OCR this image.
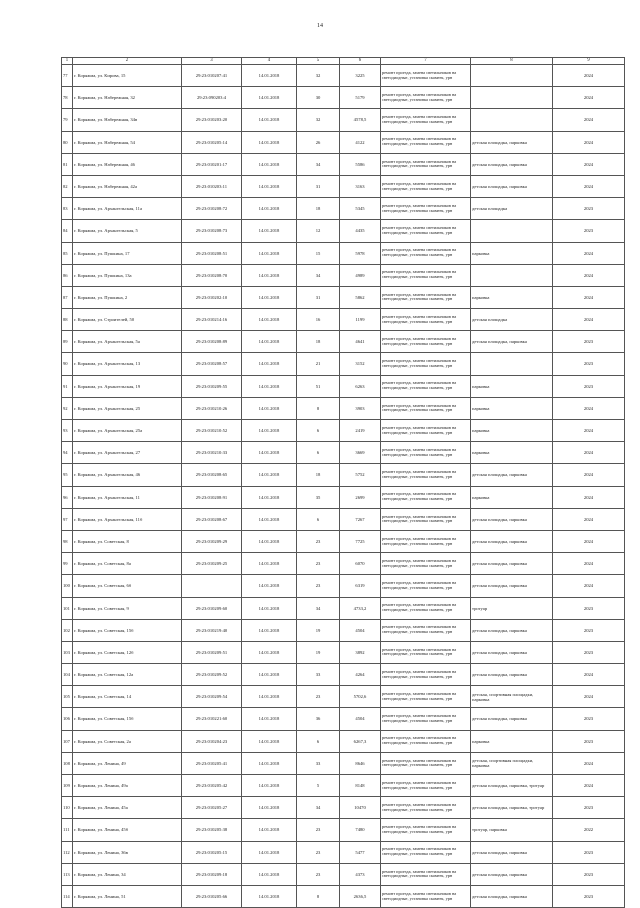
14
1	2	3	4	5	6	7	8	9
77	г. Коряжма, ул. Кирова, 15	29:23:010207:41	14.01.2018	32	3225	ремонт проезда, замена светильников на светодиодные, установка скамеек, урн		2024
78	г. Коряжма, ул. Набережная, 32	29:23:090203:4	14.01.2018	30	5179	ремонт проезда, замена светильников на светодиодные, установка скамеек, урн		2024
79	г. Коряжма, ул. Набережная, 34в	29:23:010203:20	14.01.2018	32	4578,5	ремонт проезда, замена светильников на светодиодные, установка скамеек, урн		2024
80	г. Коряжма, ул. Набережная, 54	29:23:010205:14	14.01.2018	26	4122	ремонт проезда, замена светильников на светодиодные, установка скамеек, урн	детская площадка, парковка	2024
81	г. Коряжма, ул. Набережная, 46	29:23:010201:17	14.01.2018	34	5586	ремонт проезда, замена светильников на светодиодные, установка скамеек, урн	детская площадка, парковка	2024
82	г. Коряжма, ул. Набережная, 42а	29:23:010203:11	14.01.2018	31	3163	ремонт проезда, замена светильников на светодиодные, установка скамеек, урн	детская площадка, парковка	2024
83	г. Коряжма, ул. Архангельская, 11а	29:23:010208:72	14.01.2018	18	5345	ремонт проезда, замена светильников на светодиодные, установка скамеек, урн	детская площадка	2023
84	г. Коряжма, ул. Архангельская, 5	29:23:010208:73	14.01.2018	12	4435	ремонт проезда, замена светильников на светодиодные, установка скамеек, урн		2023
85	г. Коряжма, ул. Пушкина, 17	29:23:010208:51	14.01.2018	15	5978	ремонт проезда, замена светильников на светодиодные, установка скамеек, урн	парковка	2024
86	г. Коряжма, ул. Пушкина, 13а	29:23:010208:70	14.01.2018	34	4989	ремонт проезда, замена светильников на светодиодные, установка скамеек, урн		2024
87	г. Коряжма, ул. Пушкина, 2	29:23:010202:10	14.01.2018	31	5862	ремонт проезда, замена светильников на светодиодные, установка скамеек, урн	парковка	2024
88	г. Коряжма, ул. Строителей, 50	29:23:010214:16	14.01.2018	16	1199	ремонт проезда, замена светильников на светодиодные, установка скамеек, урн	детская площадка	2024
89	г. Коряжма, ул. Архангельская, 5а	29:23:010208:89	14.01.2018	18	4641	ремонт проезда, замена светильников на светодиодные, установка скамеек, урн	детская площадка, парковка	2023
90	г. Коряжма, ул. Архангельская, 13	29:23:010208:57	14.01.2018	21	3152	ремонт проезда, замена светильников на светодиодные, установка скамеек, урн		2023
91	г. Коряжма, ул. Архангельская, 19	29:23:010209:55	14.01.2018	51	6263	ремонт проезда, замена светильников на светодиодные, установка скамеек, урн	парковка	2023
92	г. Коряжма, ул. Архангельская, 25	29:23:010210:26	14.01.2018	8	3903	ремонт проезда, замена светильников на светодиодные, установка скамеек, урн	парковка	2024
93	г. Коряжма, ул. Архангельская, 25а	29:23:010210:52	14.01.2018	6	2419	ремонт проезда, замена светильников на светодиодные, установка скамеек, урн	парковка	2024
94	г. Коряжма, ул. Архангельская, 27	29:23:010210:33	14.01.2018	6	3669	ремонт проезда, замена светильников на светодиодные, установка скамеек, урн	парковка	2024
95	г. Коряжма, ул. Архангельская, 46	29:23:010208:65	14.01.2018	18	5752	ремонт проезда, замена светильников на светодиодные, установка скамеек, урн	детская площадка, парковка	2024
96	г. Коряжма, ул. Архангельская, 11	29:23:010208:91	14.01.2018	35	2699	ремонт проезда, замена светильников на светодиодные, установка скамеек, урн	парковка	2024
97	г. Коряжма, ул. Архангельская, 11б	29:23:010208:67	14.01.2018	6	7267	ремонт проезда, замена светильников на светодиодные, установка скамеек, урн	детская площадка, парковка	2024
98	г. Коряжма, ул. Советская, 8	29:23:010209:29	14.01.2018	23	7725	ремонт проезда, замена светильников на светодиодные, установка скамеек, урн	детская площадка, парковка	2024
99	г. Коряжма, ул. Советская, 8а	29:23:010209:25	14.01.2018	23	6070	ремонт проезда, замена светильников на светодиодные, установка скамеек, урн	детская площадка, парковка	2024
100	г. Коряжма, ул. Советская, 6б		14.01.2018	23	6319	ремонт проезда, замена светильников на светодиодные, установка скамеек, урн	детская площадка, парковка	2024
101	г. Коряжма, ул. Советская, 9	29:23:010209:60	14.01.2018	34	4733,2	ремонт проезда, замена светильников на светодиодные, установка скамеек, урн	тротуар	2023
102	г. Коряжма, ул. Советская, 15б	29:23:010219:40	14.01.2018	19	4504	ремонт проезда, замена светильников на светодиодные, установка скамеек, урн	детская площадка, парковка	2023
103	г. Коряжма, ул. Советская, 12б	29:23:010209:51	14.01.2018	19	3892	ремонт проезда, замена светильников на светодиодные, установка скамеек, урн	детская площадка, парковка	2023
104	г. Коряжма, ул. Советская, 12а	29:23:010209:52	14.01.2018	33	4264	ремонт проезда, замена светильников на светодиодные, установка скамеек, урн	детская площадка, парковка	2024
105	г. Коряжма, ул. Советская, 14	29:23:010209:54	14.01.2018	23	5702,6	ремонт проезда, замена светильников на светодиодные, установка скамеек, урн	детская, спортивная площадки, парковка	2024
106	г. Коряжма, ул. Советская, 15б	29:23:010221:60	14.01.2018	36	4504	ремонт проезда, замена светильников на светодиодные, установка скамеек, урн	детская площадка, парковка	2023
107	г. Коряжма, ул. Советская, 2а	29:23:010204:23	14.01.2018	6	6267,3	ремонт проезда, замена светильников на светодиодные, установка скамеек, урн	парковка	2023
108	г. Коряжма, ул. Ленина, 49	29:23:010205:41	14.01.2018	33	8646	ремонт проезда, замена светильников на светодиодные, установка скамеек, урн	детская, спортивная площадки, парковка	2024
109	г. Коряжма, ул. Ленина, 49а	29:23:010205:42	14.01.2018	5	8148	ремонт проезда, замена светильников на светодиодные, установка скамеек, урн	детская площадка, парковка, тротуар	2024
110	г. Коряжма, ул. Ленина, 45а	29:23:010205:27	14.01.2018	34	10470	ремонт проезда, замена светильников на светодиодные, установка скамеек, урн	детская площадка, парковка, тротуар	2023
111	г. Коряжма, ул. Ленина, 45б	29:23:010205:38	14.01.2018	23	7480	ремонт проезда, замена светильников на светодиодные, установка скамеек, урн	тротуар, парковка	2022
112	г. Коряжма, ул. Ленина, 36в	29:23:010205:15	14.01.2018	23	5477	ремонт проезда, замена светильников на светодиодные, установка скамеек, урн	детская площадка, парковка	2023
113	г. Коряжма, ул. Ленина, 34	29:23:010209:18	14.01.2018	23	4373	ремонт проезда, замена светильников на светодиодные, установка скамеек, урн	детская площадка, парковка	2023
114	г. Коряжма, ул. Ленина, 51	29:23:010205:66	14.01.2018	8	2636,5	ремонт проезда, замена светильников на светодиодные, установка скамеек, урн	детская площадка, парковка	2023
